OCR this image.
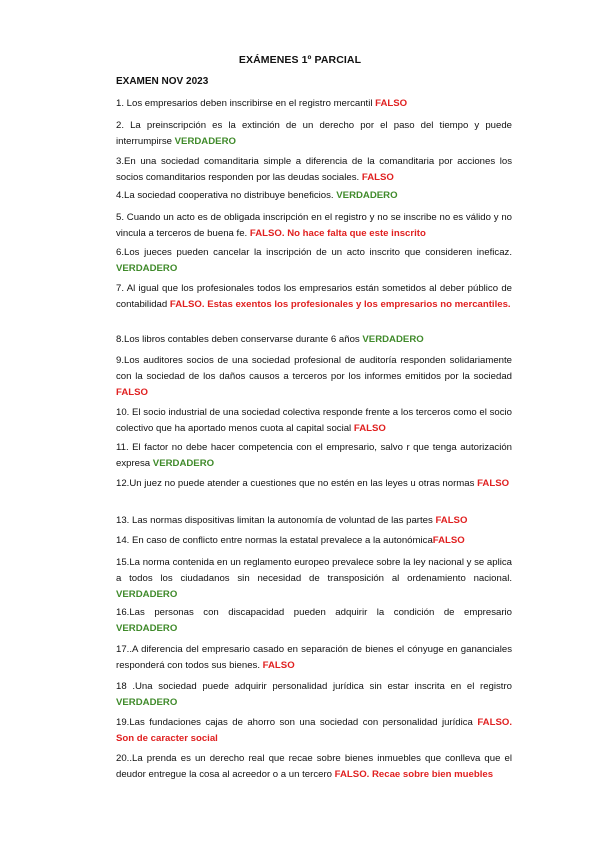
EXÁMENES 1º PARCIAL
EXAMEN NOV 2023
1. Los empresarios deben inscribirse en el registro mercantil FALSO
2. La preinscripción es la extinción de un derecho por el paso del tiempo y puede interrumpirse VERDADERO
3.En una sociedad comanditaria simple a diferencia de la comanditaria por acciones los socios comanditarios responden por las deudas sociales. FALSO
4.La sociedad cooperativa no distribuye beneficios. VERDADERO
5. Cuando un acto es de obligada inscripción en el registro y no se inscribe no es válido y no vincula a terceros de buena fe. FALSO. No hace falta que este inscrito
6.Los jueces pueden cancelar la inscripción de un acto inscrito que consideren ineficaz. VERDADERO
7. Al igual que los profesionales todos los empresarios están sometidos al deber público de contabilidad FALSO. Estas exentos los profesionales y los empresarios no mercantiles.
8.Los libros contables deben conservarse durante 6 años VERDADERO
9.Los auditores socios de una sociedad profesional de auditoría responden solidariamente con la sociedad de los daños causos a terceros por los informes emitidos por la sociedad FALSO
10. El socio industrial de una sociedad colectiva responde frente a los terceros como el socio colectivo que ha aportado menos cuota al capital social FALSO
11. El factor no debe hacer competencia con el empresario, salvo r que tenga autorización expresa VERDADERO
12.Un juez no puede atender a cuestiones que no estén en las leyes u otras normas FALSO
13. Las normas dispositivas limitan la autonomía de voluntad de las partes FALSO
14. En caso de conflicto entre normas la estatal prevalece a la autonómicaFALSO
15.La norma contenida en un reglamento europeo prevalece sobre la ley nacional y se aplica a todos los ciudadanos sin necesidad de transposición al ordenamiento nacional. VERDADERO
16.Las personas con discapacidad pueden adquirir la condición de empresario VERDADERO
17..A diferencia del empresario casado en separación de bienes el cónyuge en gananciales responderá con todos sus bienes. FALSO
18 .Una sociedad puede adquirir personalidad jurídica sin estar inscrita en el registro VERDADERO
19.Las fundaciones cajas de ahorro son una sociedad con personalidad jurídica FALSO. Son de caracter social
20..La prenda es un derecho real que recae sobre bienes inmuebles que conlleva que el deudor entregue la cosa al acreedor o a un tercero FALSO. Recae sobre bien muebles
